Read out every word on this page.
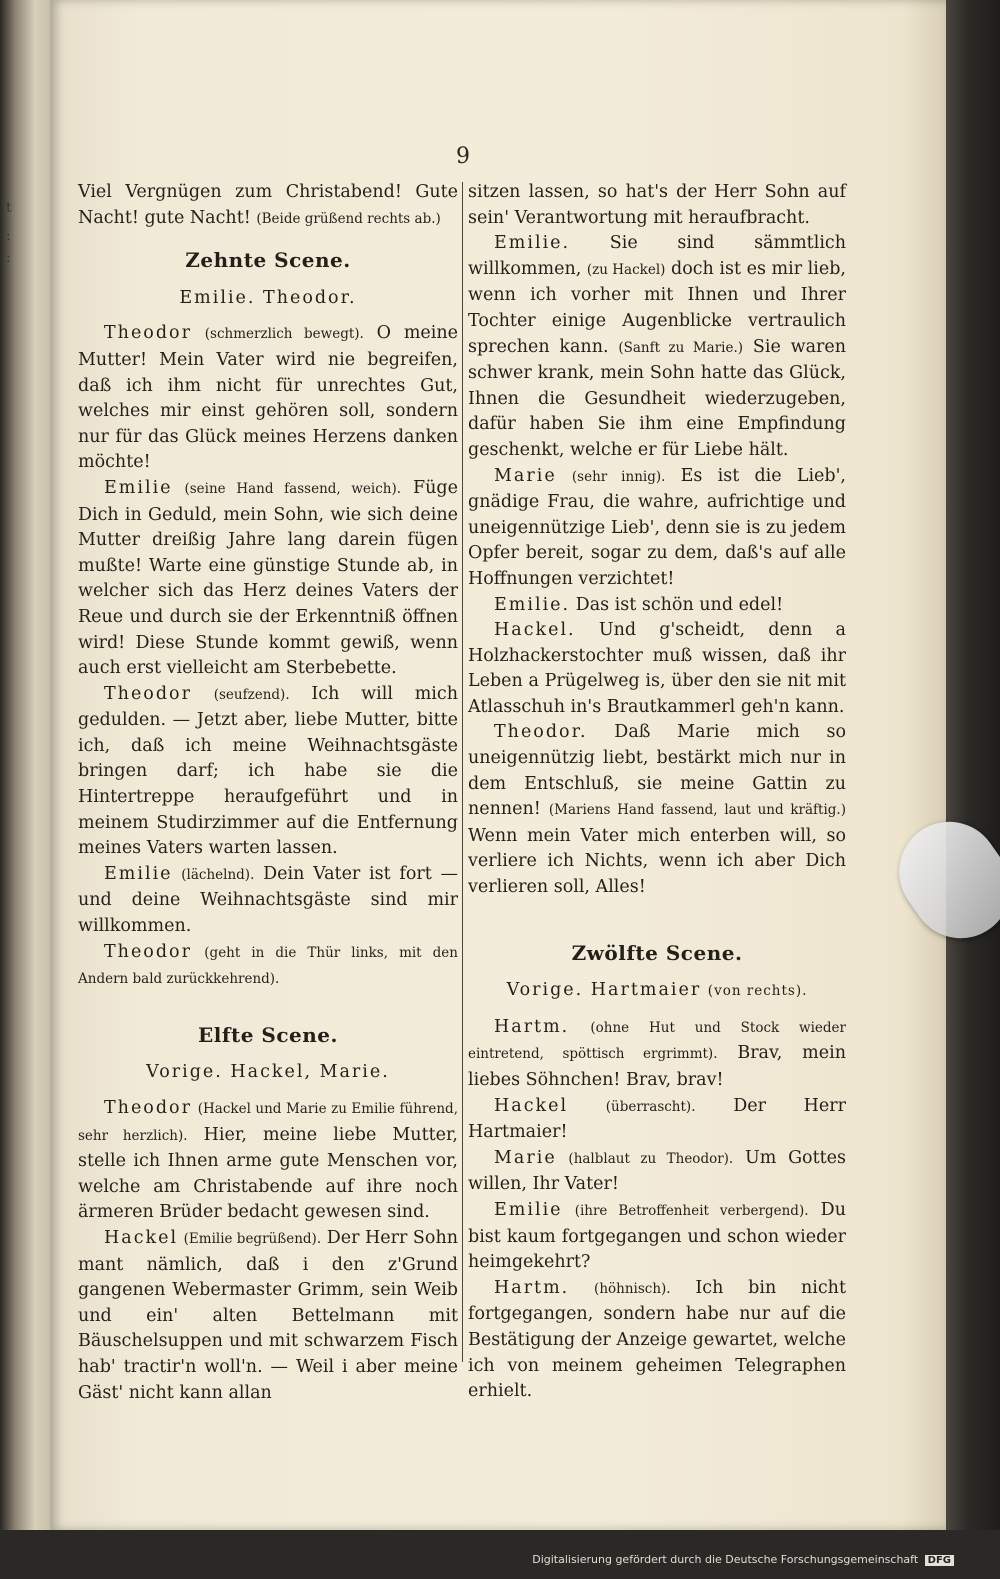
t
:
:
9

Viel Vergnügen zum Christabend! Gute Nacht! gute Nacht! (Beide grüßend rechts ab.)

Zehnte Scene.
Emilie. Theodor.

Theodor (schmerzlich bewegt). O meine Mutter! Mein Vater wird nie begreifen, daß ich ihm nicht für unrechtes Gut, welches mir einst gehören soll, sondern nur für das Glück meines Herzens danken möchte!

Emilie (seine Hand fassend, weich). Füge Dich in Geduld, mein Sohn, wie sich deine Mutter dreißig Jahre lang darein fügen mußte! Warte eine günstige Stunde ab, in welcher sich das Herz deines Vaters der Reue und durch sie der Erkenntniß öffnen wird! Diese Stunde kommt gewiß, wenn auch erst vielleicht am Sterbebette.

Theodor (seufzend). Ich will mich gedulden. — Jetzt aber, liebe Mutter, bitte ich, daß ich meine Weihnachtsgäste bringen darf; ich habe sie die Hintertreppe heraufgeführt und in meinem Studirzimmer auf die Entfernung meines Vaters warten lassen.

Emilie (lächelnd). Dein Vater ist fort — und deine Weihnachtsgäste sind mir willkommen.

Theodor (geht in die Thür links, mit den Andern bald zurückkehrend).

Elfte Scene.
Vorige. Hackel, Marie.

Theodor (Hackel und Marie zu Emilie führend, sehr herzlich). Hier, meine liebe Mutter, stelle ich Ihnen arme gute Menschen vor, welche am Christabende auf ihre noch ärmeren Brüder bedacht gewesen sind.

Hackel (Emilie begrüßend). Der Herr Sohn mant nämlich, daß i den z'Grund gangenen Webermaster Grimm, sein Weib und ein' alten Bettelmann mit Bäuschelsuppen und mit schwarzem Fisch hab' tractir'n woll'n. — Weil i aber meine Gäst' nicht kann allan

sitzen lassen, so hat's der Herr Sohn auf sein' Verantwortung mit heraufbracht.

Emilie. Sie sind sämmtlich willkommen, (zu Hackel) doch ist es mir lieb, wenn ich vorher mit Ihnen und Ihrer Tochter einige Augenblicke vertraulich sprechen kann. (Sanft zu Marie.) Sie waren schwer krank, mein Sohn hatte das Glück, Ihnen die Gesundheit wiederzugeben, dafür haben Sie ihm eine Empfindung geschenkt, welche er für Liebe hält.

Marie (sehr innig). Es ist die Lieb', gnädige Frau, die wahre, aufrichtige und uneigennützige Lieb', denn sie is zu jedem Opfer bereit, sogar zu dem, daß's auf alle Hoffnungen verzichtet!

Emilie. Das ist schön und edel!

Hackel. Und g'scheidt, denn a Holzhackerstochter muß wissen, daß ihr Leben a Prügelweg is, über den sie nit mit Atlasschuh in's Brautkammerl geh'n kann.

Theodor. Daß Marie mich so uneigennützig liebt, bestärkt mich nur in dem Entschluß, sie meine Gattin zu nennen! (Mariens Hand fassend, laut und kräftig.) Wenn mein Vater mich enterben will, so verliere ich Nichts, wenn ich aber Dich verlieren soll, Alles!

Zwölfte Scene.
Vorige. Hartmaier (von rechts).

Hartm. (ohne Hut und Stock wieder eintretend, spöttisch ergrimmt). Brav, mein liebes Söhnchen! Brav, brav!

Hackel	(überrascht). Der Herr Hartmaier!

Marie (halblaut zu Theodor). Um Gottes willen, Ihr Vater!

Emilie (ihre Betroffenheit verbergend). Du bist kaum fortgegangen und schon wieder heimgekehrt?

Hartm. (höhnisch). Ich bin nicht fortgegangen, sondern habe nur auf die Bestätigung der Anzeige gewartet, welche ich von meinem geheimen Telegraphen erhielt.

Digitalisierung gefördert durch die Deutsche Forschungsgemeinschaft DFG
